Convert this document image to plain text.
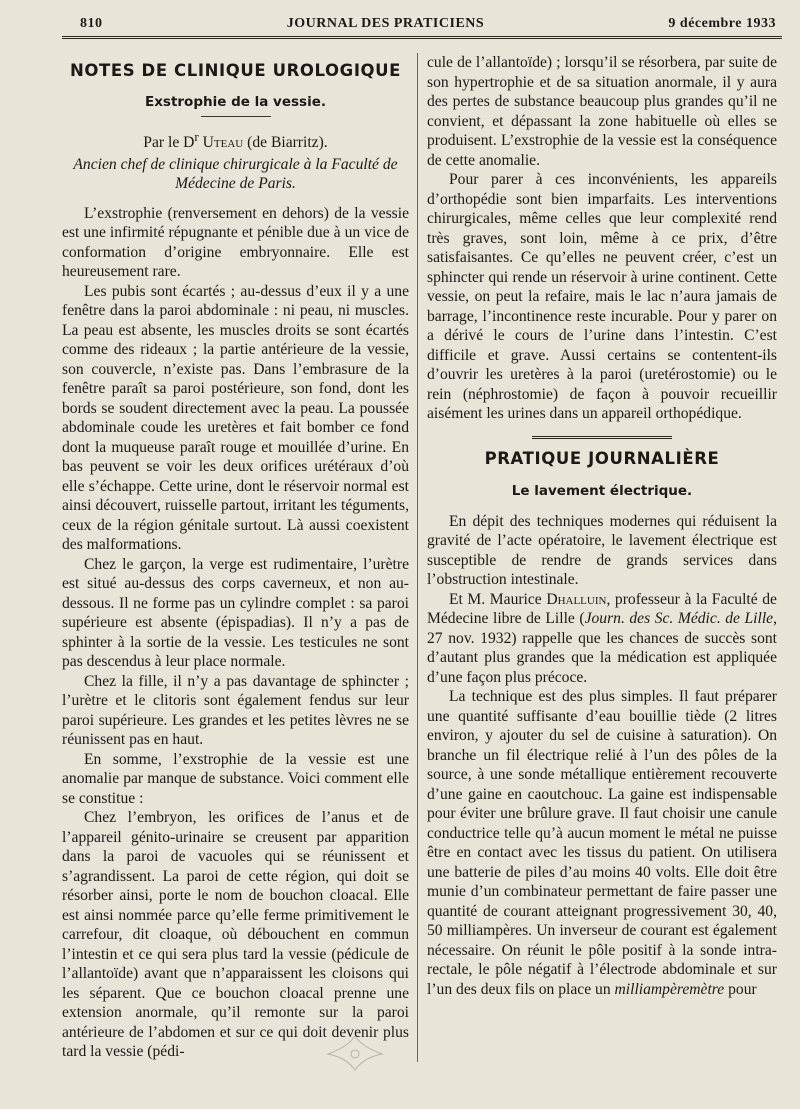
810	JOURNAL DES PRATICIENS	9 décembre 1933
NOTES DE CLINIQUE UROLOGIQUE
Exstrophie de la vessie.
Par le $D^r$ Uteau (de Biarritz).
Ancien chef de clinique chirurgicale à la Faculté de Médecine de Paris.

L’exstrophie (renversement en dehors) de la vessie est une infirmité répugnante et pénible due à un vice de conformation d’origine embryonnaire. Elle est heureusement rare.

Les pubis sont écartés ; au-dessus d’eux il y a une fenêtre dans la paroi abdominale : ni peau, ni muscles. La peau est absente, les muscles droits se sont écartés comme des rideaux ; la partie antérieure de la vessie, son couvercle, n’existe pas. Dans l’embrasure de la fenêtre paraît sa paroi postérieure, son fond, dont les bords se soudent directement avec la peau. La poussée abdominale coude les uretères et fait bomber ce fond dont la muqueuse paraît rouge et mouillée d’urine. En bas peuvent se voir les deux orifices urétéraux d’où elle s’échappe. Cette urine, dont le réservoir normal est ainsi découvert, ruisselle partout, irritant les téguments, ceux de la région génitale surtout. Là aussi coexistent des malformations.

Chez le garçon, la verge est rudimentaire, l’urètre est situé au-dessus des corps caverneux, et non au-dessous. Il ne forme pas un cylindre complet : sa paroi supérieure est absente (épispadias). Il n’y a pas de sphinter à la sortie de la vessie. Les testicules ne sont pas descendus à leur place normale.

Chez la fille, il n’y a pas davantage de sphincter ; l’urètre et le clitoris sont également fendus sur leur paroi supérieure. Les grandes et les petites lèvres ne se réunissent pas en haut.

En somme, l’exstrophie de la vessie est une anomalie par manque de substance. Voici comment elle se constitue :

Chez l’embryon, les orifices de l’anus et de l’appareil génito-urinaire se creusent par apparition dans la paroi de vacuoles qui se réunissent et s’agrandissent. La paroi de cette région, qui doit se résorber ainsi, porte le nom de bouchon cloacal. Elle est ainsi nommée parce qu’elle ferme primitivement le carrefour, dit cloaque, où débouchent en commun l’intestin et ce qui sera plus tard la vessie (pédicule de l’allantoïde) avant que n’apparaissent les cloisons qui les séparent. Que ce bouchon cloacal prenne une extension anormale, qu’il remonte sur la paroi antérieure de l’abdomen et sur ce qui doit devenir plus tard la vessie (pédi-

cule de l’allantoïde) ; lorsqu’il se résorbera, par suite de son hypertrophie et de sa situation anormale, il y aura des pertes de substance beaucoup plus grandes qu’il ne convient, et dépassant la zone habituelle où elles se produisent. L’exstrophie de la vessie est la conséquence de cette anomalie.

Pour parer à ces inconvénients, les appareils d’orthopédie sont bien imparfaits. Les interventions chirurgicales, même celles que leur complexité rend très graves, sont loin, même à ce prix, d’être satisfaisantes. Ce qu’elles ne peuvent créer, c’est un sphincter qui rende un réservoir à urine continent. Cette vessie, on peut la refaire, mais le lac n’aura jamais de barrage, l’incontinence reste incurable. Pour y parer on a dérivé le cours de l’urine dans l’intestin. C’est difficile et grave. Aussi certains se contentent-ils d’ouvrir les uretères à la paroi (uretérostomie) ou le rein (néphrostomie) de façon à pouvoir recueillir aisément les urines dans un appareil orthopédique.

PRATIQUE JOURNALIÈRE
Le lavement électrique.

En dépit des techniques modernes qui réduisent la gravité de l’acte opératoire, le lavement électrique est susceptible de rendre de grands services dans l’obstruction intestinale.

Et M. Maurice Dhalluin, professeur à la Faculté de Médecine libre de Lille (Journ. des Sc. Médic. de Lille, 27 nov. 1932) rappelle que les chances de succès sont d’autant plus grandes que la médication est appliquée d’une façon plus précoce.

La technique est des plus simples. Il faut préparer une quantité suffisante d’eau bouillie tiède (2 litres environ, y ajouter du sel de cuisine à saturation). On branche un fil électrique relié à l’un des pôles de la source, à une sonde métallique entièrement recouverte d’une gaine en caoutchouc. La gaine est indispensable pour éviter une brûlure grave. Il faut choisir une canule conductrice telle qu’à aucun moment le métal ne puisse être en contact avec les tissus du patient. On utilisera une batterie de piles d’au moins 40 volts. Elle doit être munie d’un combinateur permettant de faire passer une quantité de courant atteignant progressivement 30, 40, 50 milliampères. Un inverseur de courant est également nécessaire. On réunit le pôle positif à la sonde intra-rectale, le pôle négatif à l’électrode abdominale et sur l’un des deux fils on place un milliampèremètre pour
